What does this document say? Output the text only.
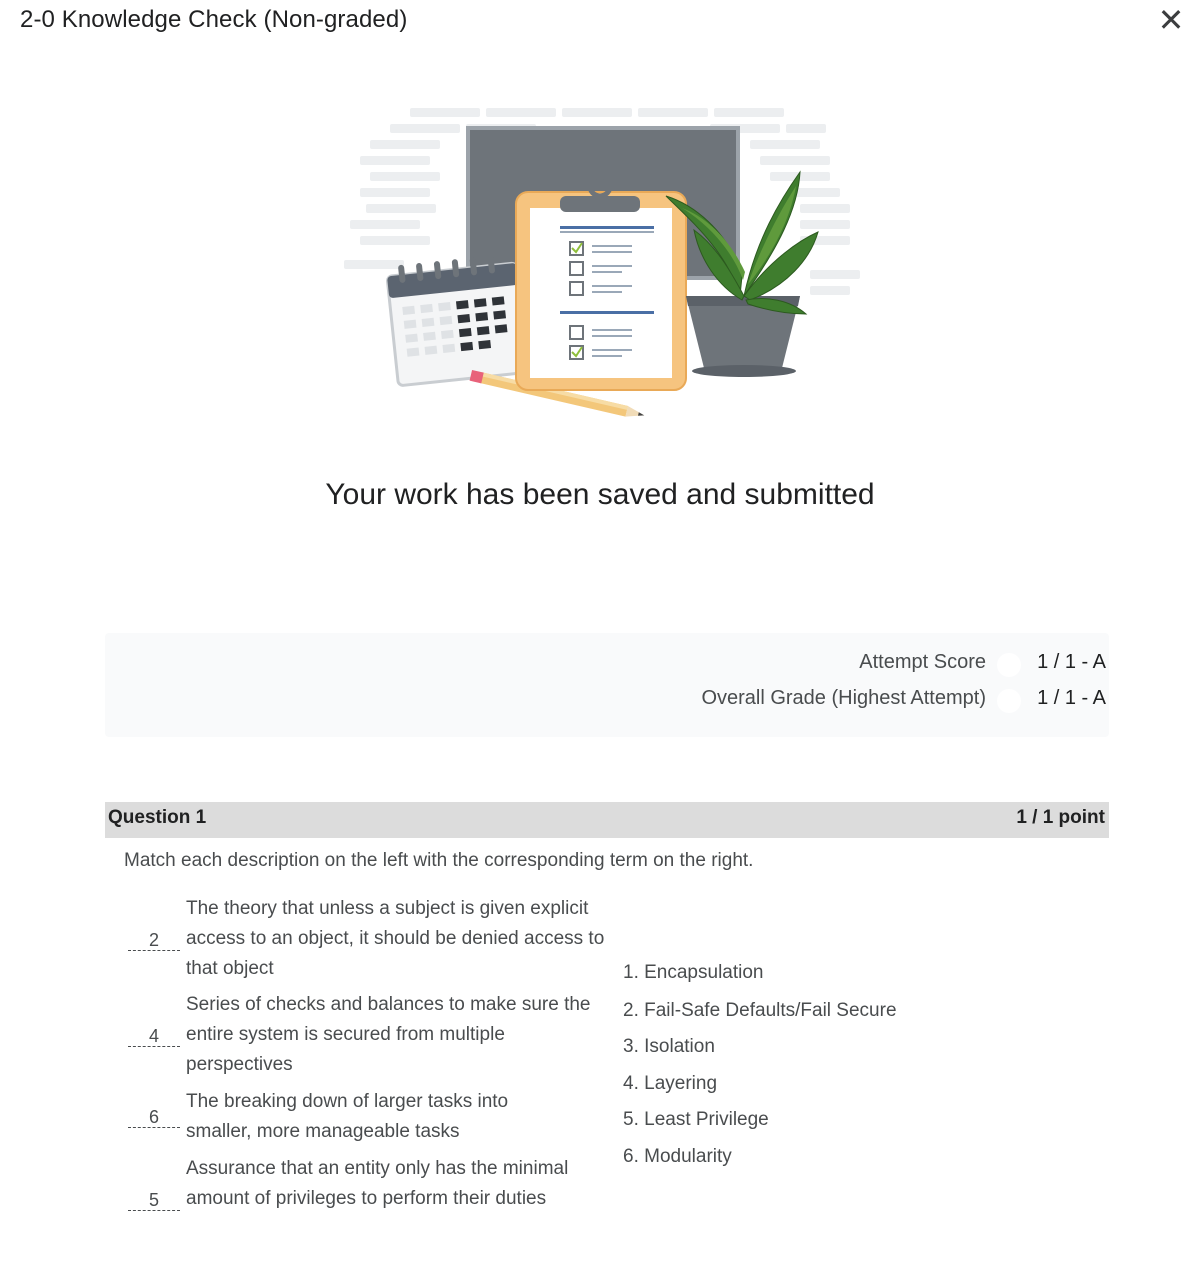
2-0 Knowledge Check (Non-graded)	✕
Your work has been saved and submitted
Attempt Score	1 / 1 - A
Overall Grade (Highest Attempt)	1 / 1 - A
Question 1	1 / 1 point

Match each description on the left with the corresponding term on the right.

2
The theory that unless a subject is given explicit access to an object, it should be denied access to that object
4
Series of checks and balances to make sure the entire system is secured from multiple perspectives
6
The breaking down of larger tasks into smaller, more manageable tasks
5
Assurance that an entity only has the minimal amount of privileges to perform their duties
1. Encapsulation
2. Fail-Safe Defaults/Fail Secure
3. Isolation
4. Layering
5. Least Privilege
6. Modularity
